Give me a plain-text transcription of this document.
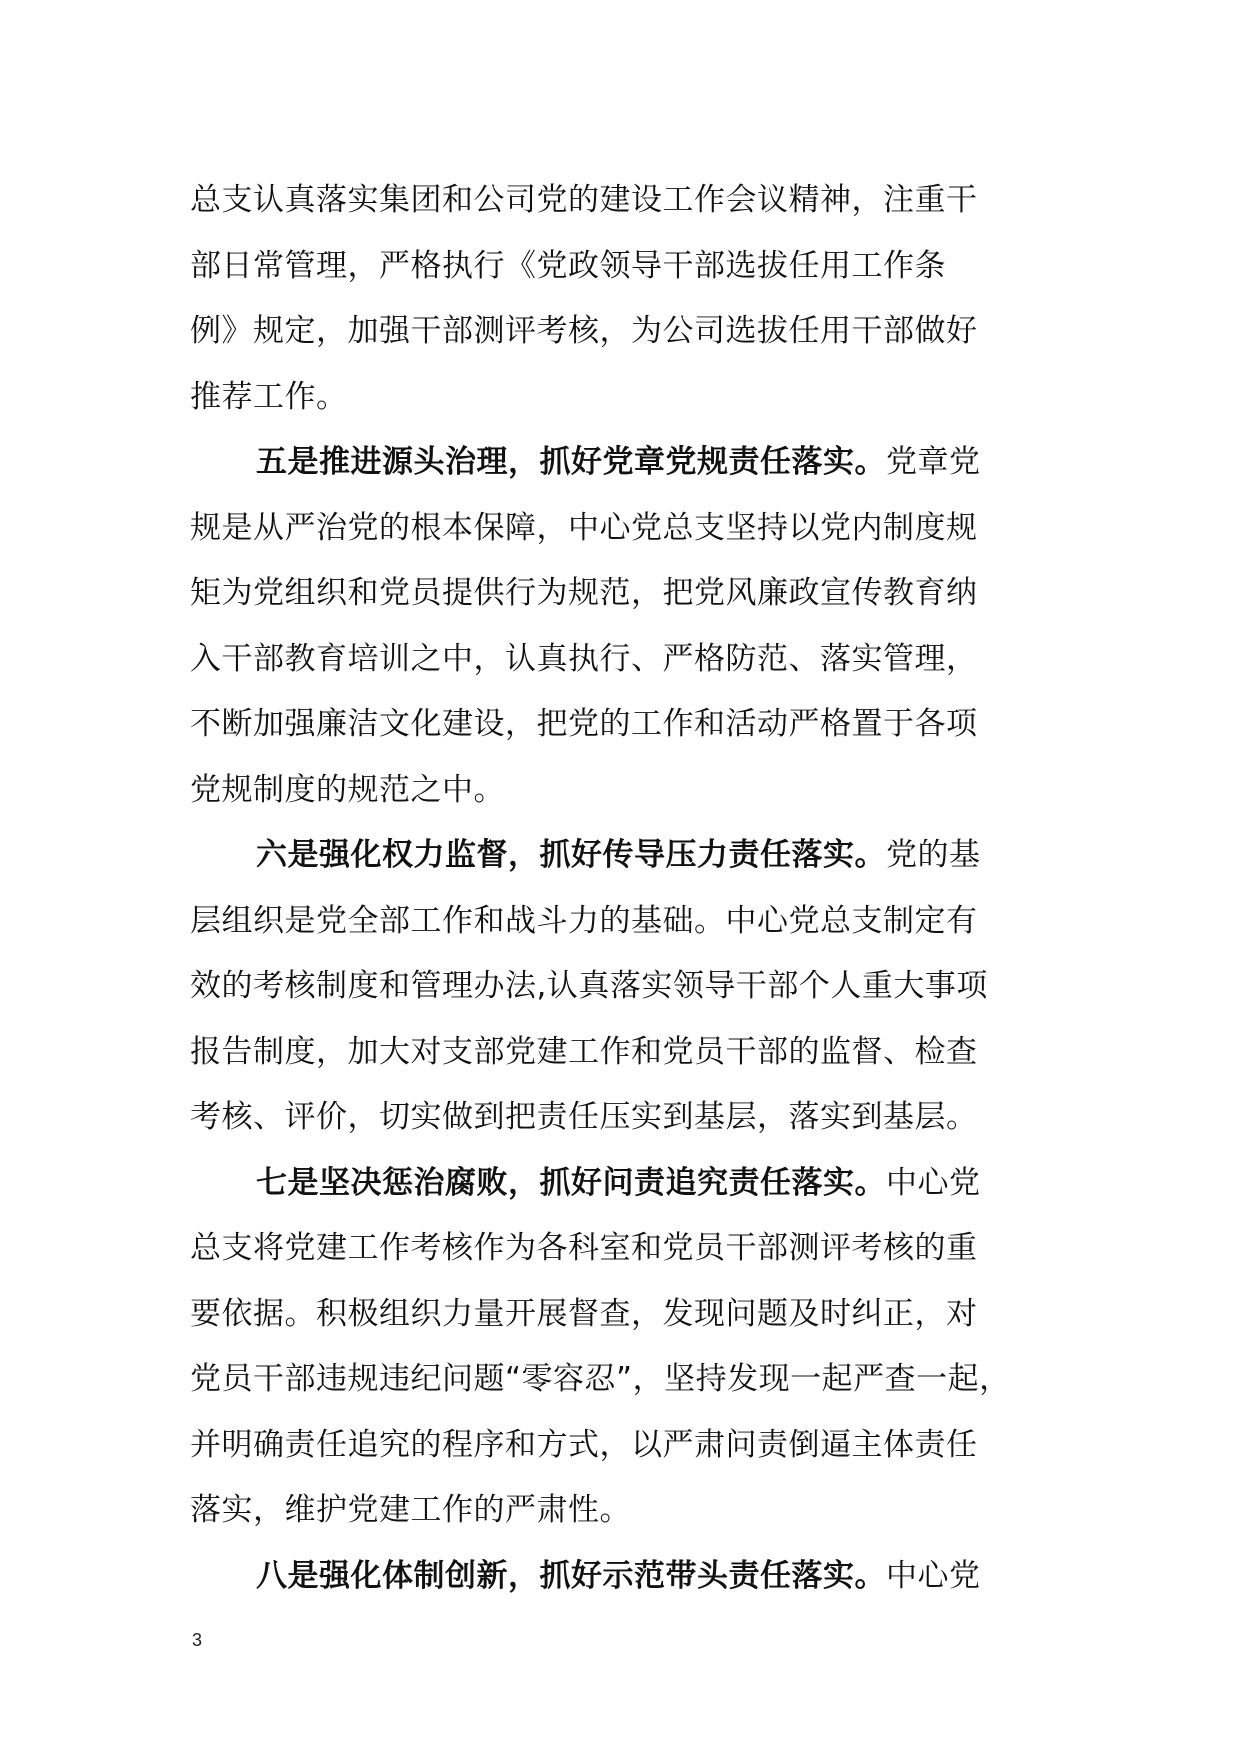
总支认真落实集团和公司党的建设工作会议精神，注重干
部日常管理，严格执行《党政领导干部选拔任用工作条
例》规定，加强干部测评考核，为公司选拔任用干部做好
推荐工作。
五是推进源头治理，抓好党章党规责任落实。党章党
规是从严治党的根本保障，中心党总支坚持以党内制度规
矩为党组织和党员提供行为规范，把党风廉政宣传教育纳
入干部教育培训之中，认真执行、严格防范、落实管理，
不断加强廉洁文化建设，把党的工作和活动严格置于各项
党规制度的规范之中。
六是强化权力监督，抓好传导压力责任落实。党的基
层组织是党全部工作和战斗力的基础。中心党总支制定有
效的考核制度和管理办法,认真落实领导干部个人重大事项
报告制度，加大对支部党建工作和党员干部的监督、检查
考核、评价，切实做到把责任压实到基层，落实到基层。
七是坚决惩治腐败，抓好问责追究责任落实。中心党
总支将党建工作考核作为各科室和党员干部测评考核的重
要依据。积极组织力量开展督查，发现问题及时纠正，对
党员干部违规违纪问题“零容忍”，坚持发现一起严查一起，
并明确责任追究的程序和方式，以严肃问责倒逼主体责任
落实，维护党建工作的严肃性。
八是强化体制创新，抓好示范带头责任落实。中心党
3
